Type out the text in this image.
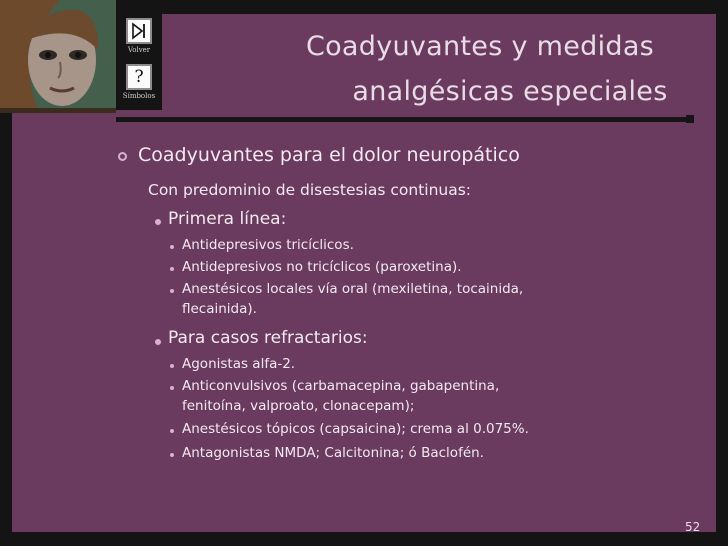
Volver
?
Símbolos
Coadyuvantes y medidas
analgésicas especiales
Coadyuvantes para el dolor neuropático
Con predominio de disestesias continuas:
Primera línea:
Antidepresivos tricíclicos.
Antidepresivos no tricíclicos (paroxetina).
Anestésicos locales vía oral (mexiletina, tocainida,
flecainida).
Para casos refractarios:
Agonistas alfa-2.
Anticonvulsivos (carbamacepina, gabapentina,
fenitoína, valproato, clonacepam);
Anestésicos tópicos (capsaicina); crema al 0.075%.
Antagonistas NMDA; Calcitonina; ó Baclofén.
52
